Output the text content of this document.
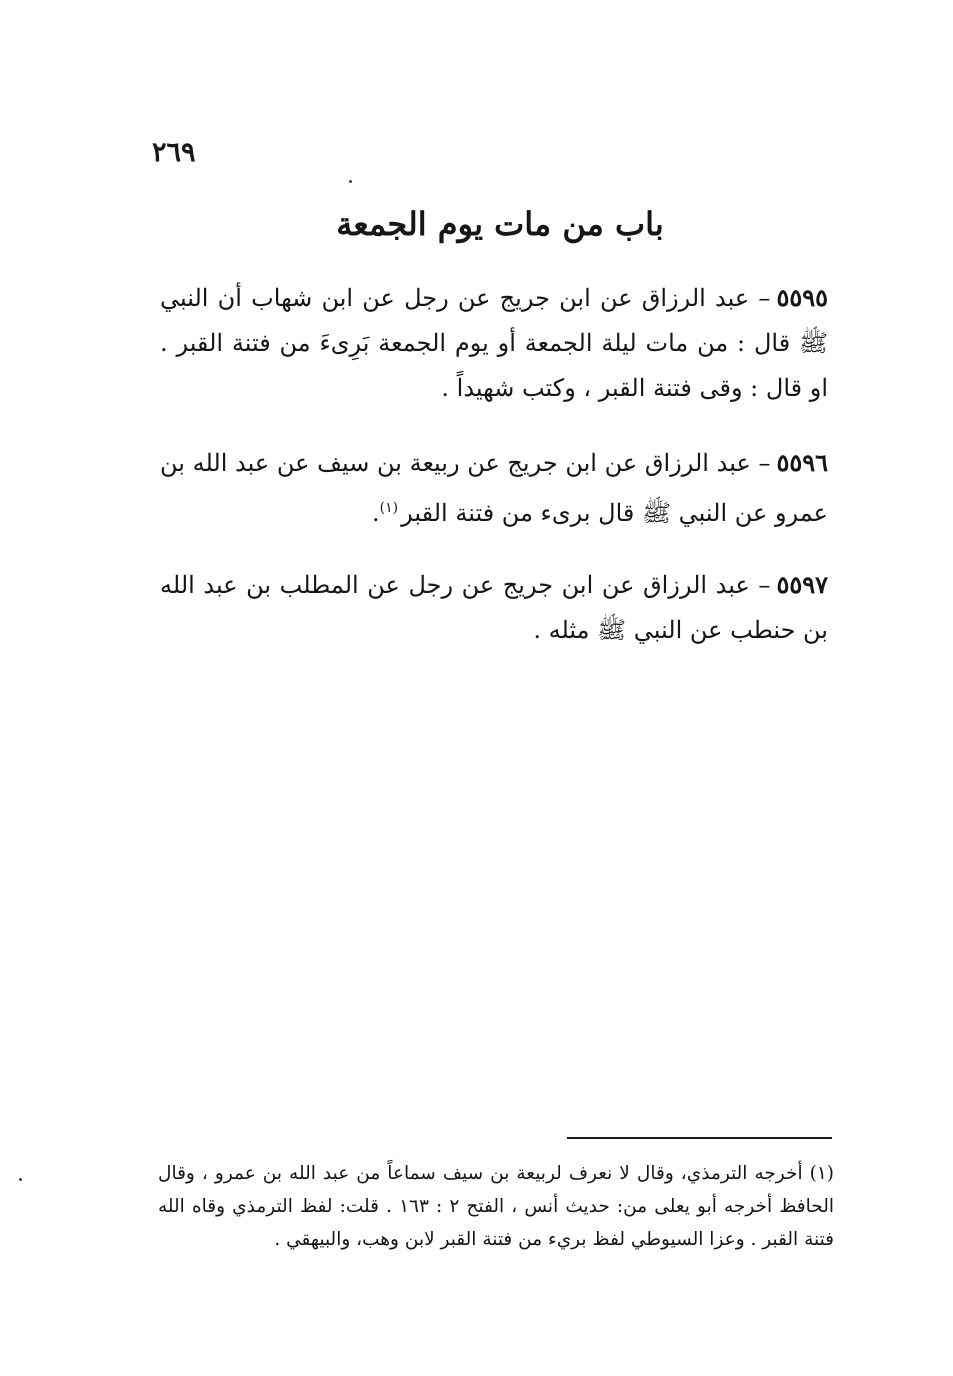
٢٦٩
باب من مات يوم الجمعة
٥٥٩٥– عبد الرزاق عن ابن جريج عن رجل عن ابن شهاب أن النبي ﷺ قال : من مات ليلة الجمعة أو يوم الجمعة بَرِىءَ من فتنة القبر . او قال : وقى فتنة القبر ، وكتب شهيداً .
٥٥٩٦– عبد الرزاق عن ابن جريج عن ربيعة بن سيف عن عبد الله بن عمرو عن النبي ﷺ قال برىء من فتنة القبر$^{(١)}$.
٥٥٩٧– عبد الرزاق عن ابن جريج عن رجل عن المطلب بن عبد الله بن حنطب عن النبي ﷺ مثله .
(١) أخرجه الترمذي، وقال لا نعرف لربيعة بن سيف سماعاً من عبد الله بن عمرو ، وقال الحافظ أخرجه أبو يعلى من: حديث أنس ، الفتح ٢ : ١٦٣ . قلت: لفظ الترمذي وقاه الله فتنة القبر . وعزا السيوطي لفظ بريء من فتنة القبر لابن وهب، والبيهقي .
